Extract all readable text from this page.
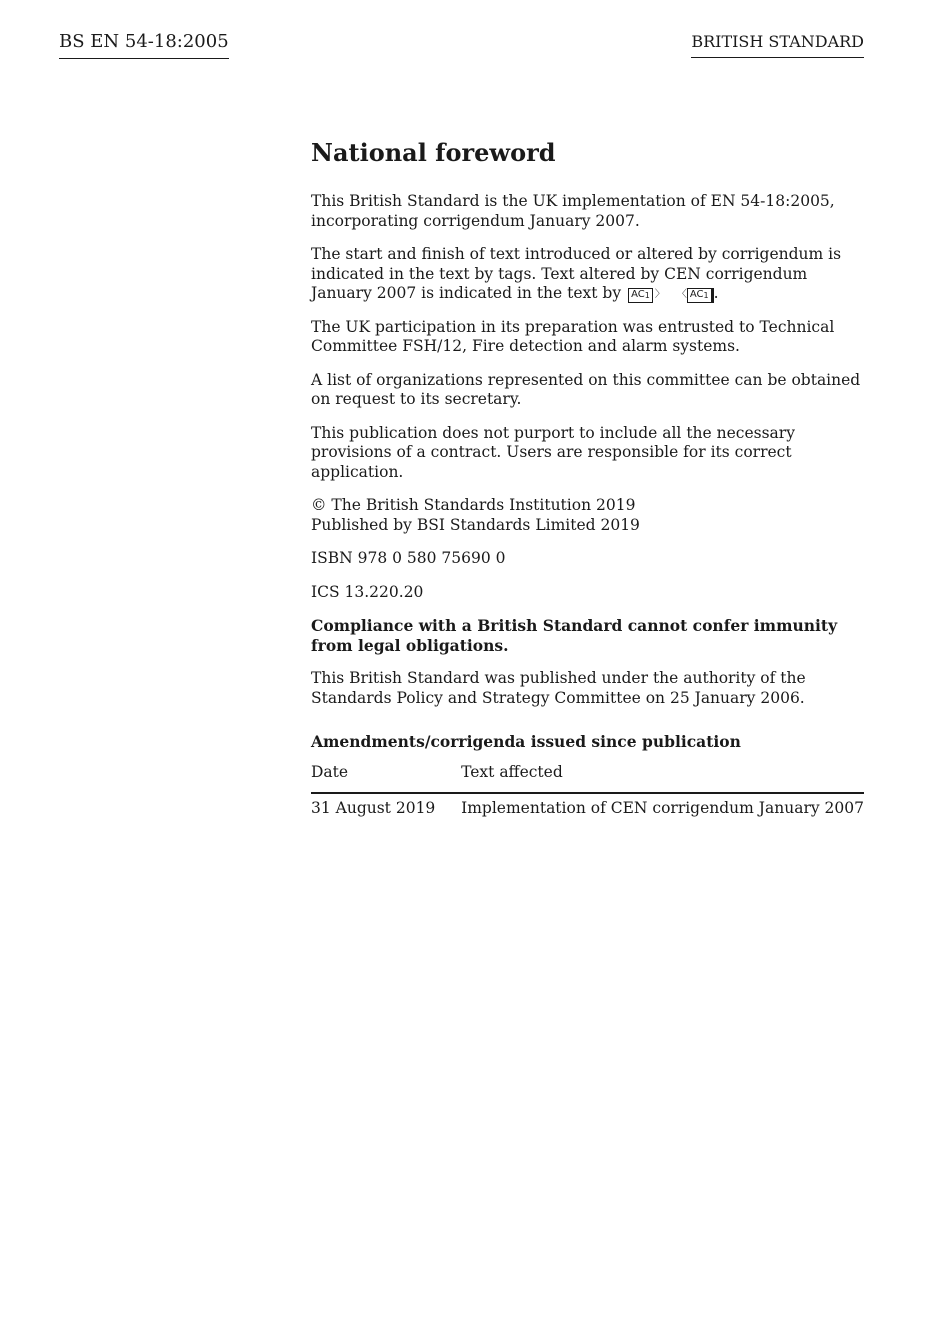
BS EN 54-18:2005	BRITISH STANDARD
National foreword

This British Standard is the UK implementation of EN 54-18:2005, incorporating corrigendum January 2007.

The start and finish of text introduced or altered by corrigendum is indicated in the text by tags. Text altered by CEN corrigendum January 2007 is indicated in the text by $AC_1$ 〉 〈 $AC_1$ .

The UK participation in its preparation was entrusted to Technical Committee FSH/12, Fire detection and alarm systems.

A list of organizations represented on this committee can be obtained on request to its secretary.

This publication does not purport to include all the necessary provisions of a contract. Users are responsible for its correct application.

© The British Standards Institution 2019
Published by BSI Standards Limited 2019

ISBN 978 0 580 75690 0

ICS 13.220.20

Compliance with a British Standard cannot confer immunity from legal obligations.

This British Standard was published under the authority of the Standards Policy and Strategy Committee on 25 January 2006.

Amendments/corrigenda issued since publication
Date	Text affected
31 August 2019	Implementation of CEN corrigendum January 2007
